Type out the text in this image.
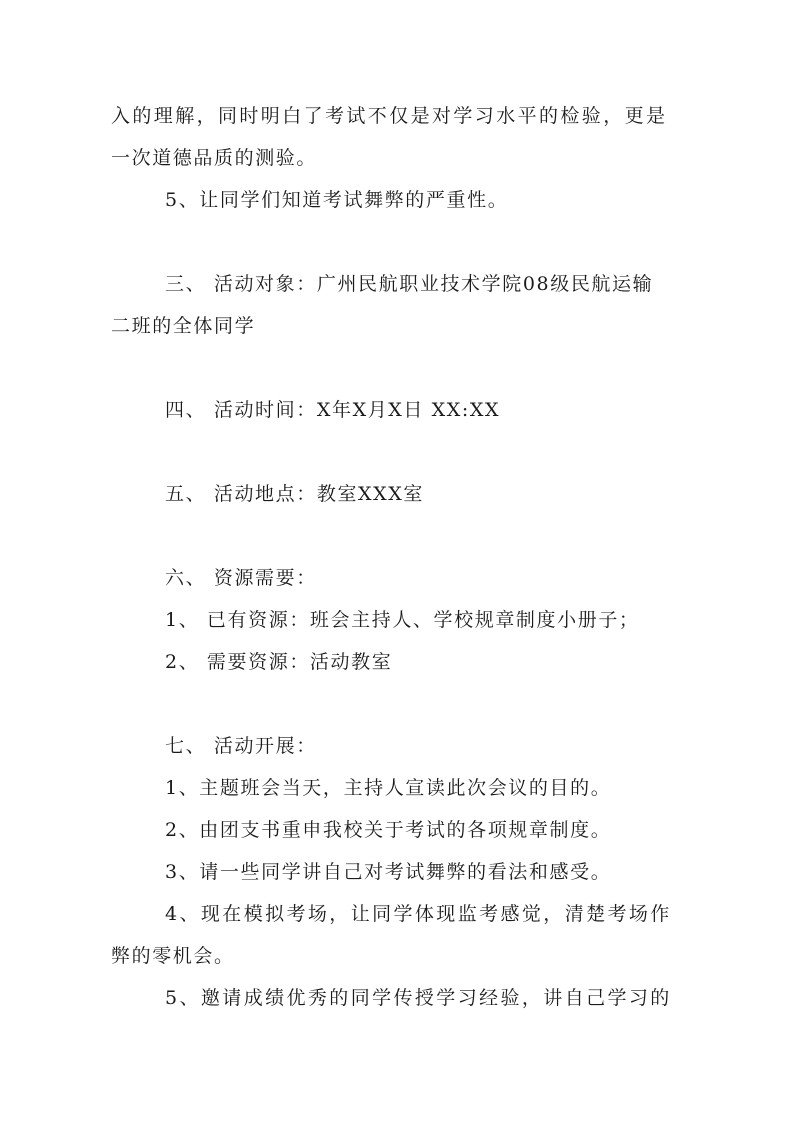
入的理解，同时明白了考试不仅是对学习水平的检验，更是
一次道德品质的测验。
5、让同学们知道考试舞弊的严重性。
三、 活动对象：广州民航职业技术学院08级民航运输
二班的全体同学
四、 活动时间：X年X月X日 XX:XX
五、 活动地点：教室XXX室
六、 资源需要：
1、 已有资源：班会主持人、学校规章制度小册子；
2、 需要资源：活动教室
七、 活动开展：
1、主题班会当天，主持人宣读此次会议的目的。
2、由团支书重申我校关于考试的各项规章制度。
3、请一些同学讲自己对考试舞弊的看法和感受。
4、现在模拟考场，让同学体现监考感觉，清楚考场作
弊的零机会。
5、邀请成绩优秀的同学传授学习经验，讲自己学习的
